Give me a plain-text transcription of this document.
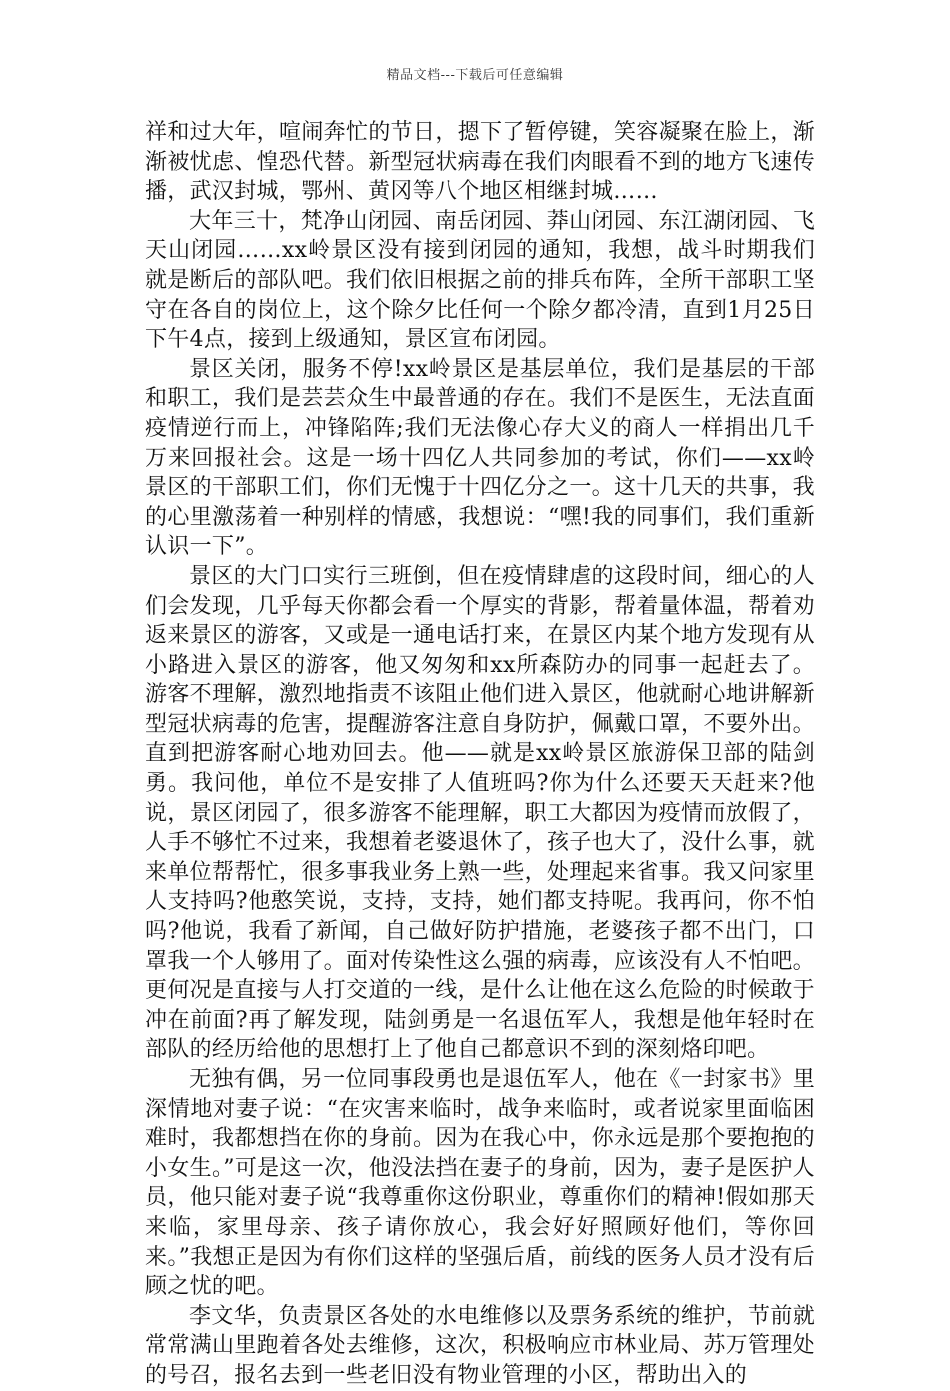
精品文档---下载后可任意编辑

祥和过大年，喧闹奔忙的节日，摁下了暂停键，笑容凝聚在脸上，渐渐被忧虑、惶恐代替。新型冠状病毒在我们肉眼看不到的地方飞速传播，武汉封城，鄂州、黄冈等八个地区相继封城……

大年三十，梵净山闭园、南岳闭园、莽山闭园、东江湖闭园、飞天山闭园……xx岭景区没有接到闭园的通知，我想，战斗时期我们就是断后的部队吧。我们依旧根据之前的排兵布阵，全所干部职工坚守在各自的岗位上，这个除夕比任何一个除夕都冷清，直到1月25日下午4点，接到上级通知，景区宣布闭园。

景区关闭，服务不停!xx岭景区是基层单位，我们是基层的干部和职工，我们是芸芸众生中最普通的存在。我们不是医生，无法直面疫情逆行而上，冲锋陷阵;我们无法像心存大义的商人一样捐出几千万来回报社会。这是一场十四亿人共同参加的考试，你们——xx岭景区的干部职工们，你们无愧于十四亿分之一。这十几天的共事，我的心里激荡着一种别样的情感，我想说：“嘿!我的同事们，我们重新认识一下”。

景区的大门口实行三班倒，但在疫情肆虐的这段时间，细心的人们会发现，几乎每天你都会看一个厚实的背影，帮着量体温，帮着劝返来景区的游客，又或是一通电话打来，在景区内某个地方发现有从小路进入景区的游客，他又匆匆和xx所森防办的同事一起赶去了。游客不理解，激烈地指责不该阻止他们进入景区，他就耐心地讲解新型冠状病毒的危害，提醒游客注意自身防护，佩戴口罩，不要外出。直到把游客耐心地劝回去。他——就是xx岭景区旅游保卫部的陆剑勇。我问他，单位不是安排了人值班吗?你为什么还要天天赶来?他说，景区闭园了，很多游客不能理解，职工大都因为疫情而放假了，人手不够忙不过来，我想着老婆退休了，孩子也大了，没什么事，就来单位帮帮忙，很多事我业务上熟一些，处理起来省事。我又问家里人支持吗?他憨笑说，支持，支持，她们都支持呢。我再问，你不怕吗?他说，我看了新闻，自己做好防护措施，老婆孩子都不出门，口罩我一个人够用了。面对传染性这么强的病毒，应该没有人不怕吧。更何况是直接与人打交道的一线，是什么让他在这么危险的时候敢于冲在前面?再了解发现，陆剑勇是一名退伍军人，我想是他年轻时在部队的经历给他的思想打上了他自己都意识不到的深刻烙印吧。

无独有偶，另一位同事段勇也是退伍军人，他在《一封家书》里深情地对妻子说：“在灾害来临时，战争来临时，或者说家里面临困难时，我都想挡在你的身前。因为在我心中，你永远是那个要抱抱的小女生。”可是这一次，他没法挡在妻子的身前，因为，妻子是医护人员，他只能对妻子说“我尊重你这份职业，尊重你们的精神!假如那天来临，家里母亲、孩子请你放心，我会好好照顾好他们，等你回来。”我想正是因为有你们这样的坚强后盾，前线的医务人员才没有后顾之忧的吧。

李文华，负责景区各处的水电维修以及票务系统的维护，节前就常常满山里跑着各处去维修，这次，积极响应市林业局、苏万管理处的号召，报名去到一些老旧没有物业管理的小区，帮助出入的
